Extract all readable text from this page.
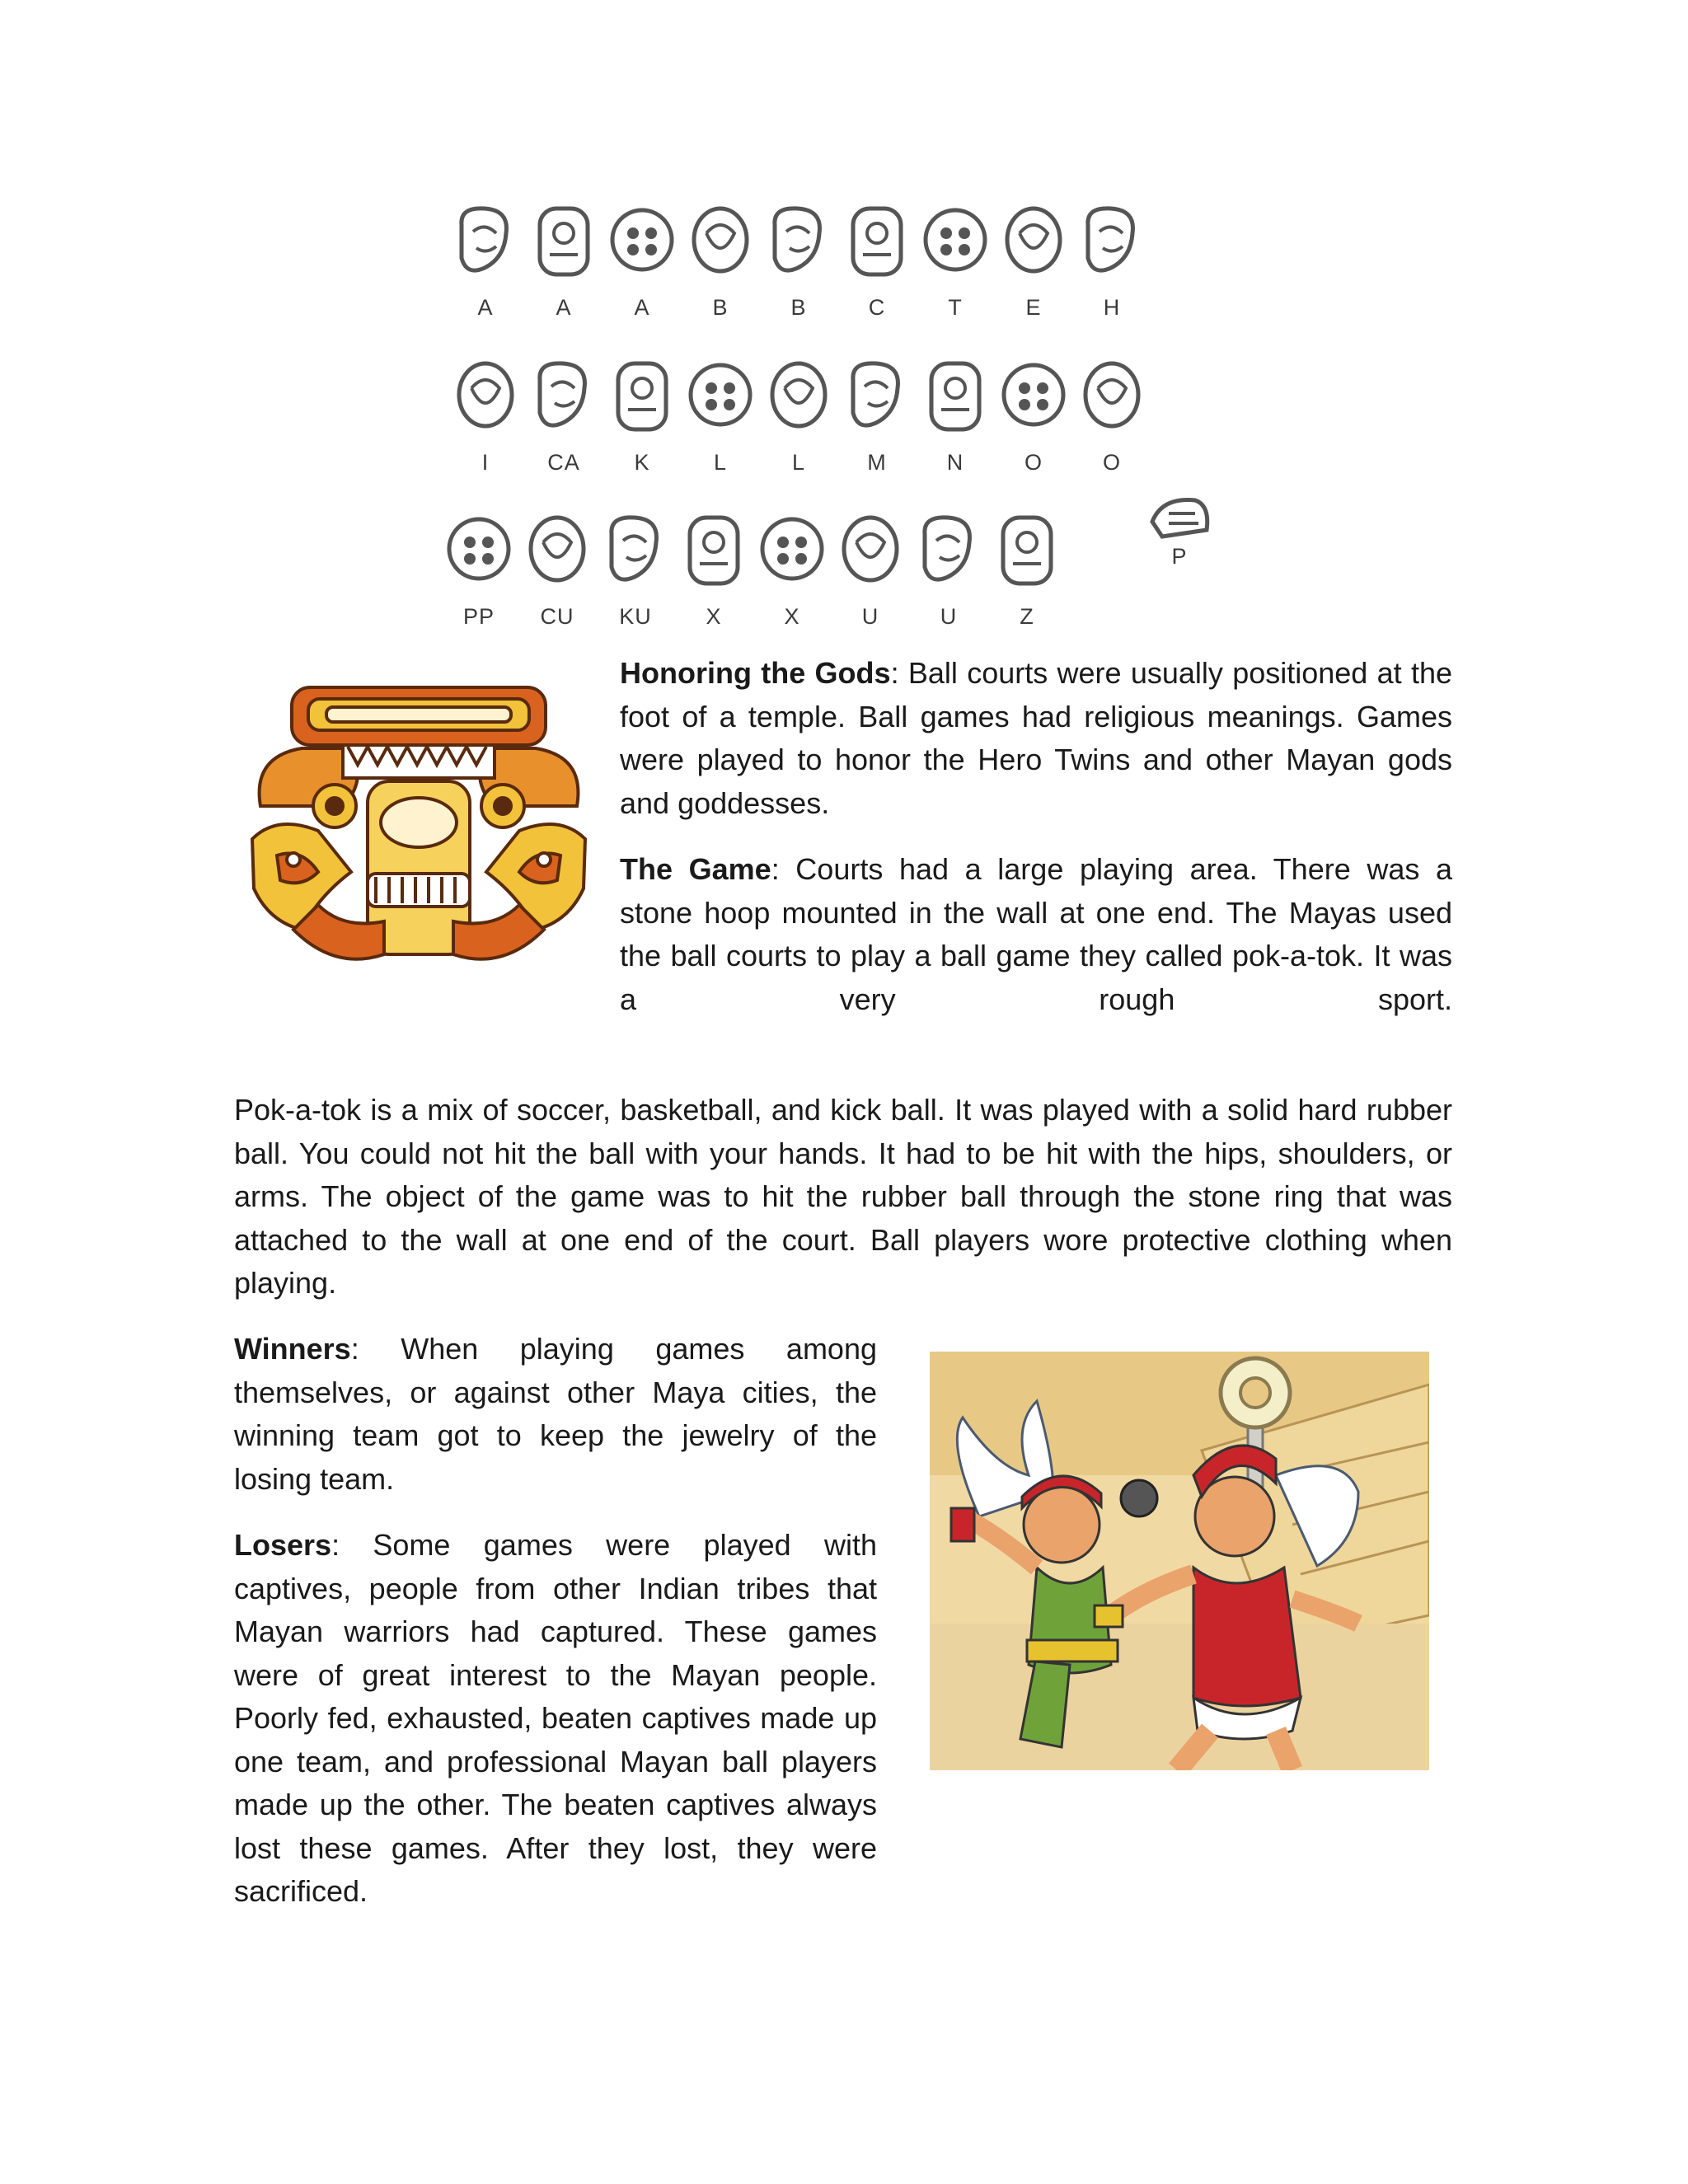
A	A	A	B	B	C	T	E	H
I	CA	K	L	L	M	N	O	O
PP	CU	KU	X	X	U	U	Z
P

Honoring the Gods: Ball courts were usually positioned at the foot of a temple. Ball games had religious meanings. Games were played to honor the Hero Twins and other Mayan gods and goddesses.

The Game: Courts had a large playing area. There was a stone hoop mounted in the wall at one end. The Mayas used the ball courts to play a ball game they called pok-a-tok. It was a very rough sport.

Pok-a-tok is a mix of soccer, basketball, and kick ball. It was played with a solid hard rubber ball. You could not hit the ball with your hands. It had to be hit with the hips, shoulders, or arms. The object of the game was to hit the rubber ball through the stone ring that was attached to the wall at one end of the court. Ball players wore protective clothing when playing.

Winners: When playing games among themselves, or against other Maya cities, the winning team got to keep the jewelry of the losing team.

Losers: Some games were played with captives, people from other Indian tribes that Mayan warriors had captured. These games were of great interest to the Mayan people. Poorly fed, exhausted, beaten captives made up one team, and professional Mayan ball players made up the other. The beaten captives always lost these games. After they lost, they were sacrificed.
